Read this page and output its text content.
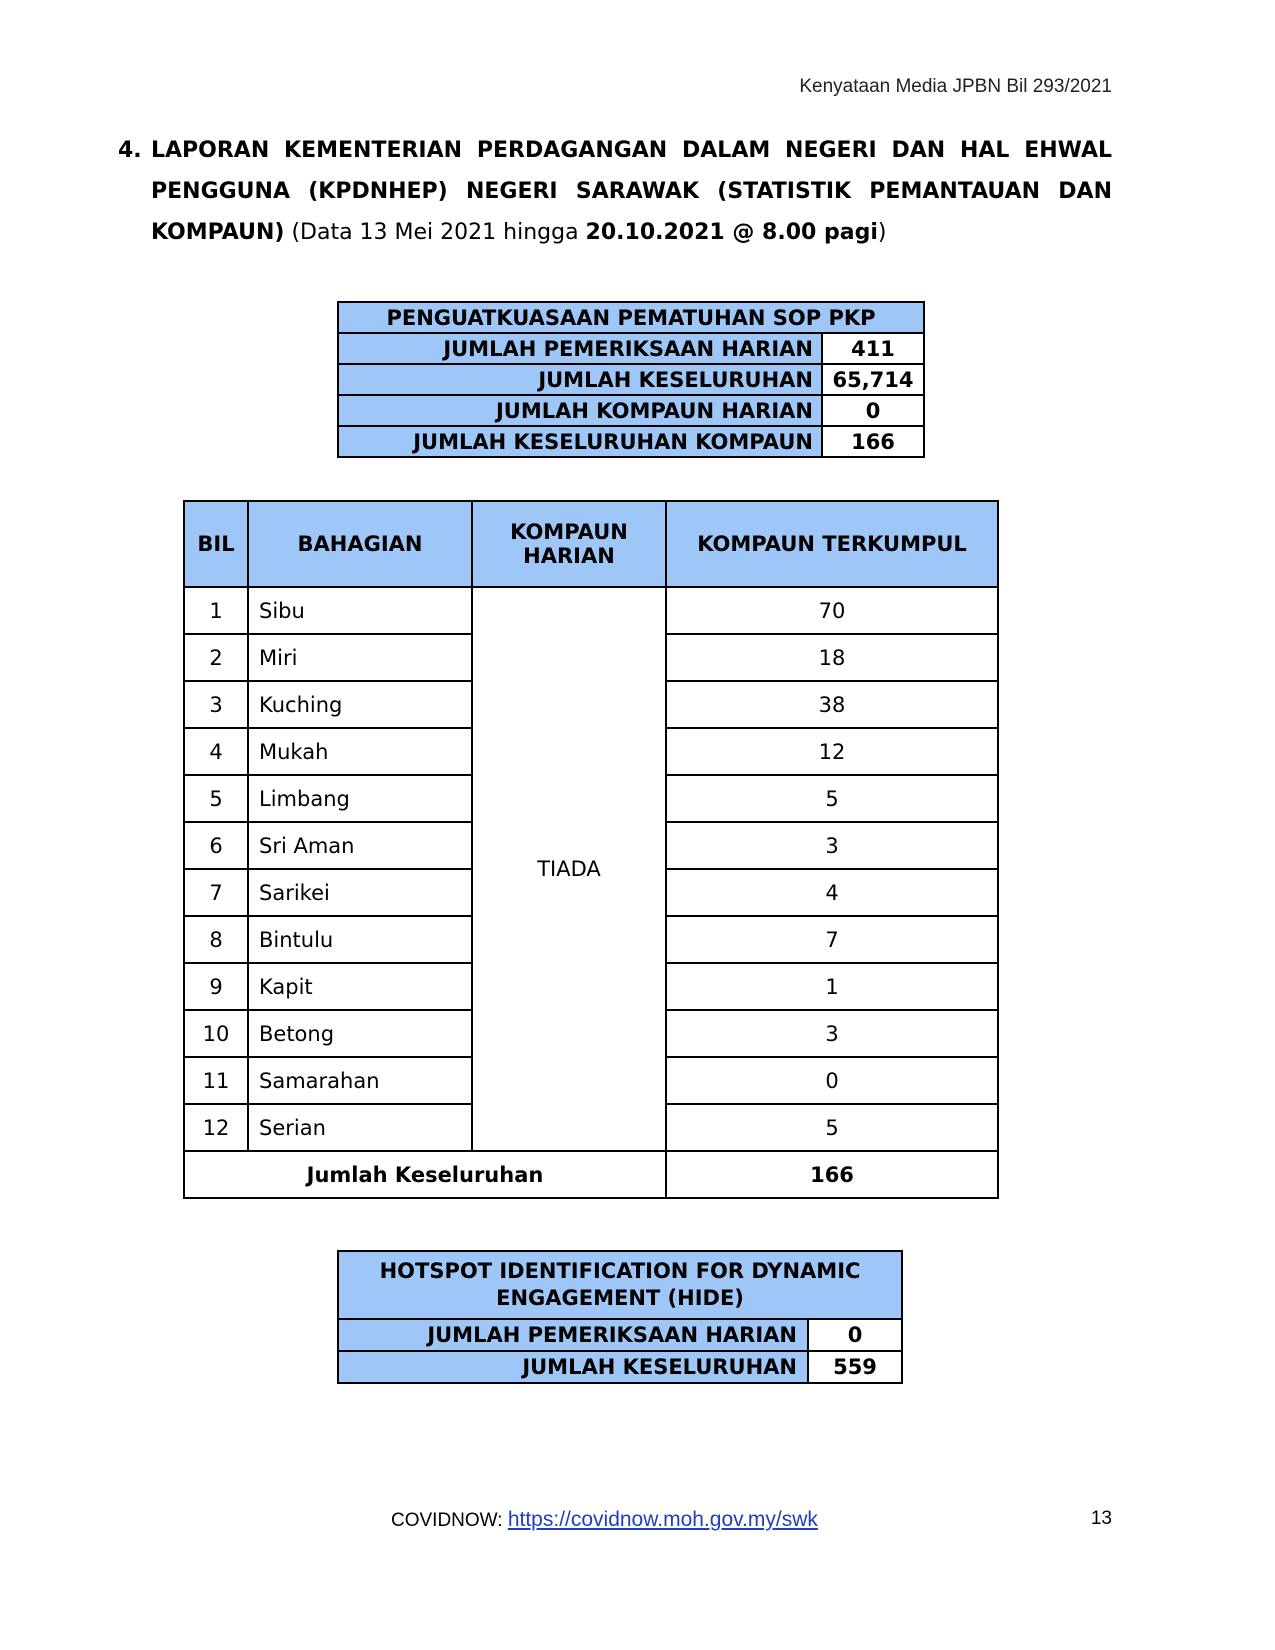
Kenyataan Media JPBN Bil 293/2021
4. LAPORAN KEMENTERIAN PERDAGANGAN DALAM NEGERI DAN HAL EHWAL PENGGUNA (KPDNHEP) NEGERI SARAWAK (STATISTIK PEMANTAUAN DAN KOMPAUN) (Data 13 Mei 2021 hingga 20.10.2021 @ 8.00 pagi)
PENGUATKUASAAN PEMATUHAN SOP PKP	
JUMLAH PEMERIKSAAN HARIAN	411
JUMLAH KESELURUHAN	65,714
JUMLAH KOMPAUN HARIAN	0
JUMLAH KESELURUHAN KOMPAUN	166
BIL	BAHAGIAN	KOMPAUN HARIAN	KOMPAUN TERKUMPUL
1	Sibu	TIADA	70
2	Miri		18
3	Kuching		38
4	Mukah		12
5	Limbang		5
6	Sri Aman		3
7	Sarikei		4
8	Bintulu		7
9	Kapit		1
10	Betong		3
11	Samarahan		0
12	Serian		5
Jumlah Keseluruhan			166
HOTSPOT IDENTIFICATION FOR DYNAMIC ENGAGEMENT (HIDE)	
JUMLAH PEMERIKSAAN HARIAN	0
JUMLAH KESELURUHAN	559
COVIDNOW: https://covidnow.moh.gov.my/swk	13
